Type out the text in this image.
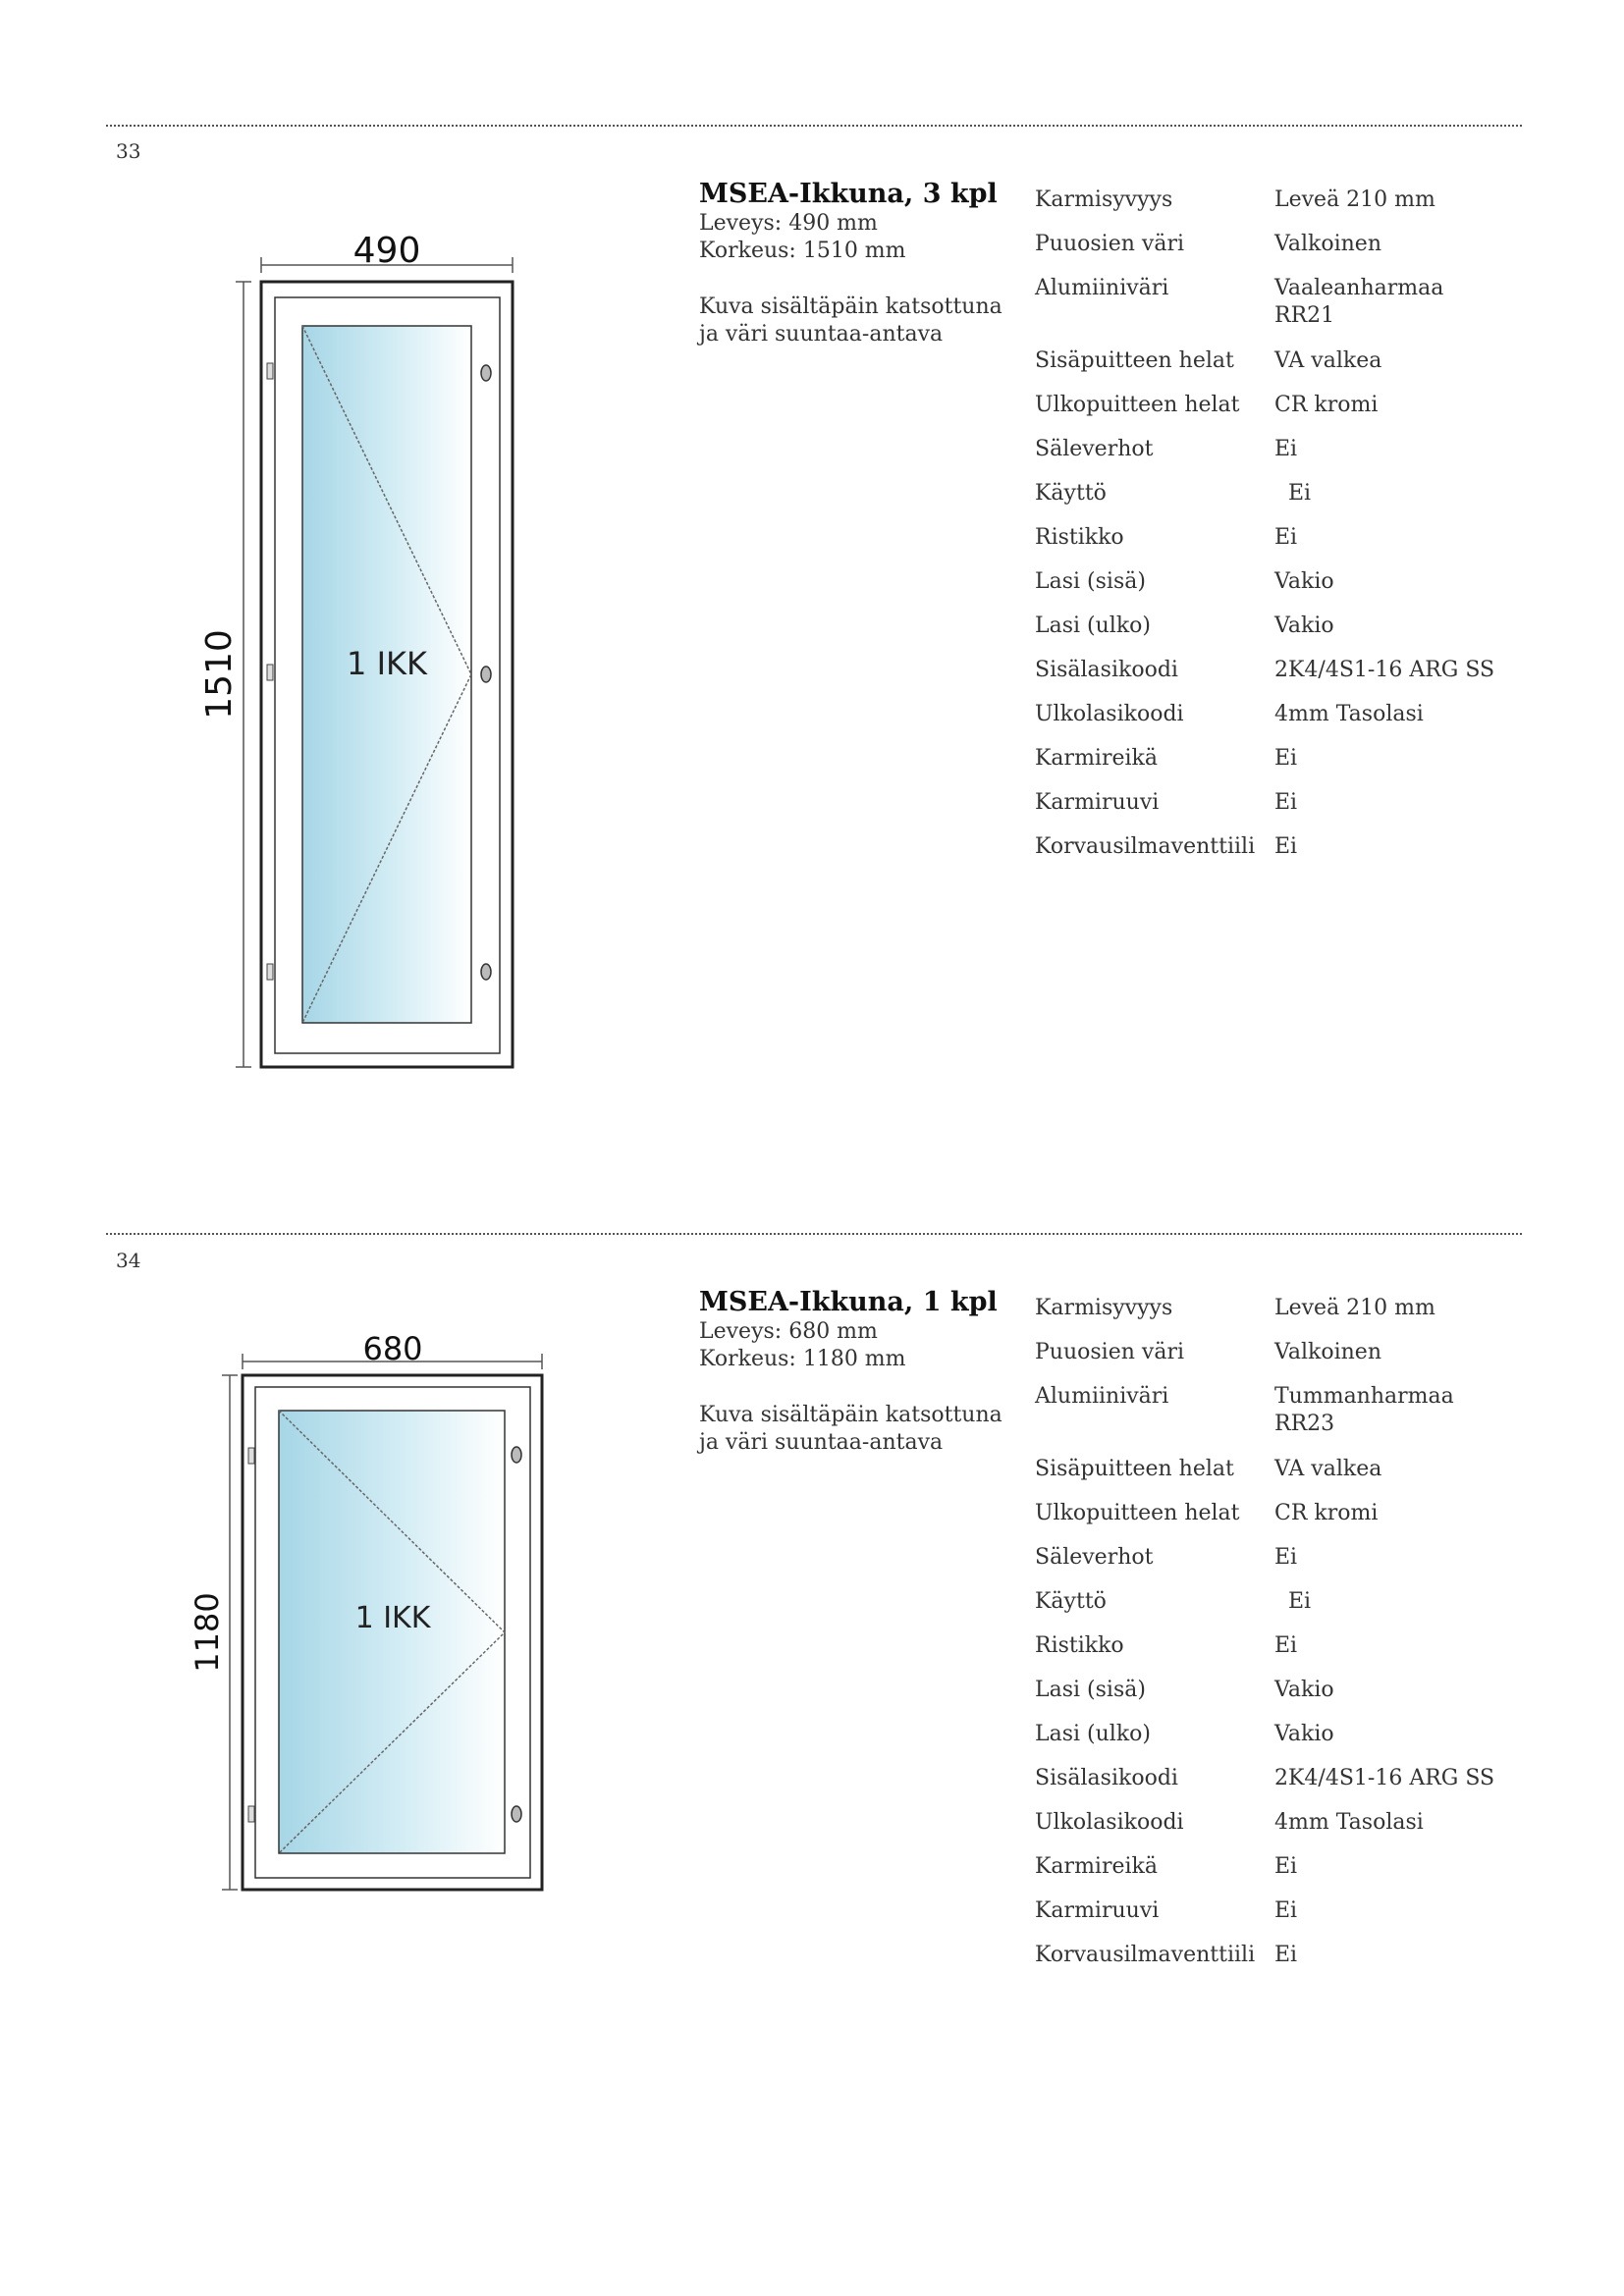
33
MSEA-Ikkuna, 3 kpl
Leveys: 490 mm
Korkeus: 1510 mm
Kuva sisältäpäin katsottuna
ja väri suuntaa-antava
Karmisyvyys	Leveä 210 mm
Puuosien väri	Valkoinen
Alumiiniväri	Vaaleanharmaa
RR21
Sisäpuitteen helat VA valkea
Ulkopuitteen helat CR kromi
Säleverhot	Ei
Käyttö	Ei
Ristikko	Ei
Lasi (sisä)	Vakio
Lasi (ulko)	Vakio
Sisälasikoodi	2K4/4S1-16 ARG SS
Ulkolasikoodi	4mm Tasolasi
Karmireikä	Ei
Karmiruuvi	Ei
Korvausilmaventtiili Ei
490
1510	1 IKK
34
MSEA-Ikkuna, 1 kpl
Leveys: 680 mm
Korkeus: 1180 mm
Kuva sisältäpäin katsottuna
ja väri suuntaa-antava
Karmisyvyys	Leveä 210 mm
Puuosien väri	Valkoinen
Alumiiniväri	Tummanharmaa
RR23
Sisäpuitteen helat VA valkea
Ulkopuitteen helat CR kromi
Säleverhot	Ei
Käyttö	Ei
Ristikko	Ei
Lasi (sisä)	Vakio
Lasi (ulko)	Vakio
Sisälasikoodi	2K4/4S1-16 ARG SS
Ulkolasikoodi	4mm Tasolasi
Karmireikä	Ei
Karmiruuvi	Ei
Korvausilmaventtiili Ei
680
1180	1 IKK
